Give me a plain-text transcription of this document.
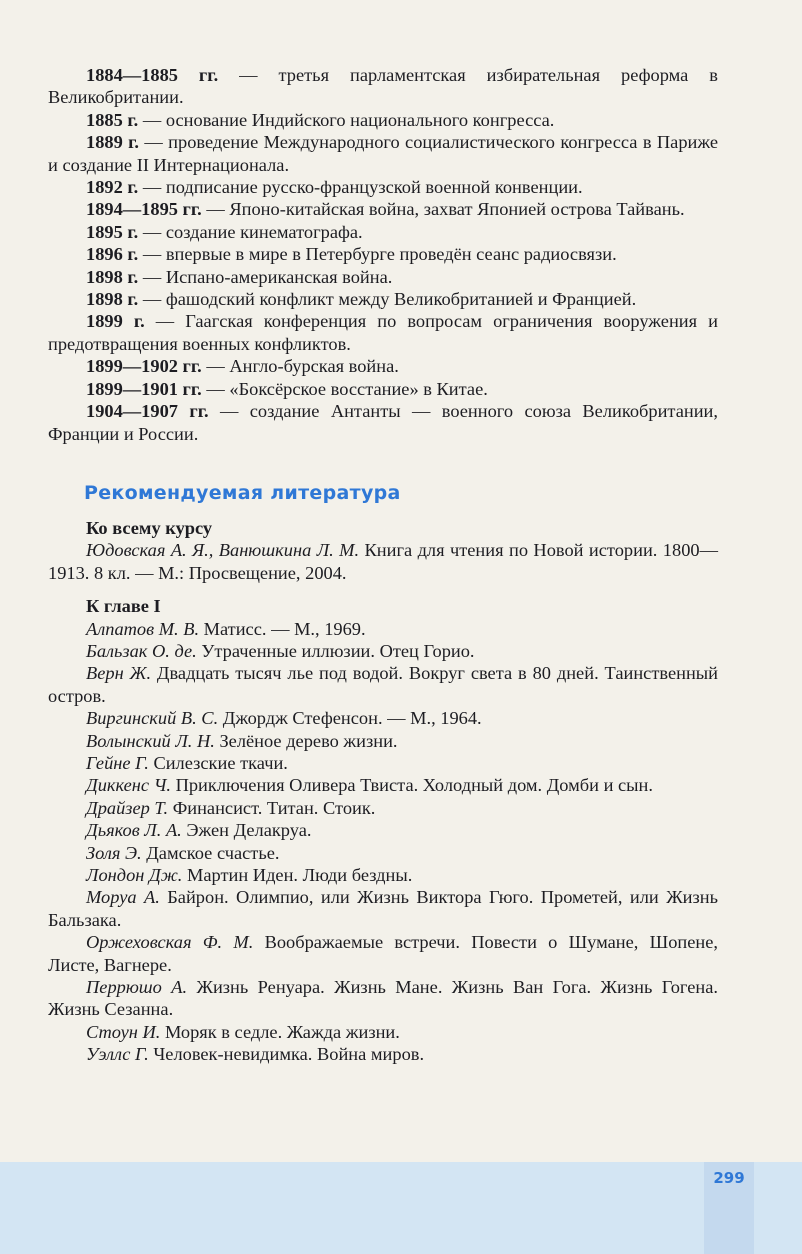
1884—1885 гг. — третья парламентская избирательная реформа в Великобритании.

1885 г. — основание Индийского национального конгресса.

1889 г. — проведение Международного социалистического конгресса в Париже и создание II Интернационала.

1892 г. — подписание русско-французской военной конвенции.

1894—1895 гг. — Японо-китайская война, захват Японией острова Тайвань.

1895 г. — создание кинематографа.

1896 г. — впервые в мире в Петербурге проведён сеанс радиосвязи.

1898 г. — Испано-американская война.

1898 г. — фашодский конфликт между Великобританией и Францией.

1899 г. — Гаагская конференция по вопросам ограничения вооружения и предотвращения военных конфликтов.

1899—1902 гг. — Англо-бурская война.

1899—1901 гг. — «Боксёрское восстание» в Китае.

1904—1907 гг. — создание Антанты — военного союза Великобритании, Франции и России.

Рекомендуемая литература

Ко всему курсу

Юдовская А. Я., Ванюшкина Л. М. Книга для чтения по Новой истории. 1800—1913. 8 кл. — М.: Просвещение, 2004.

К главе I

Алпатов М. В. Матисс. — М., 1969.

Бальзак О. де. Утраченные иллюзии. Отец Горио.

Верн Ж. Двадцать тысяч лье под водой. Вокруг света в 80 дней. Таинственный остров.

Виргинский В. С. Джордж Стефенсон. — М., 1964.

Волынский Л. Н. Зелёное дерево жизни.

Гейне Г. Силезские ткачи.

Диккенс Ч. Приключения Оливера Твиста. Холодный дом. Домби и сын.

Драйзер Т. Финансист. Титан. Стоик.

Дьяков Л. А. Эжен Делакруа.

Золя Э. Дамское счастье.

Лондон Дж. Мартин Иден. Люди бездны.

Моруа А. Байрон. Олимпио, или Жизнь Виктора Гюго. Прометей, или Жизнь Бальзака.

Оржеховская Ф. М. Воображаемые встречи. Повести о Шумане, Шопене, Листе, Вагнере.

Перрюшо А. Жизнь Ренуара. Жизнь Мане. Жизнь Ван Гога. Жизнь Гогена. Жизнь Сезанна.

Стоун И. Моряк в седле. Жажда жизни.

Уэллс Г. Человек-невидимка. Война миров.

299
